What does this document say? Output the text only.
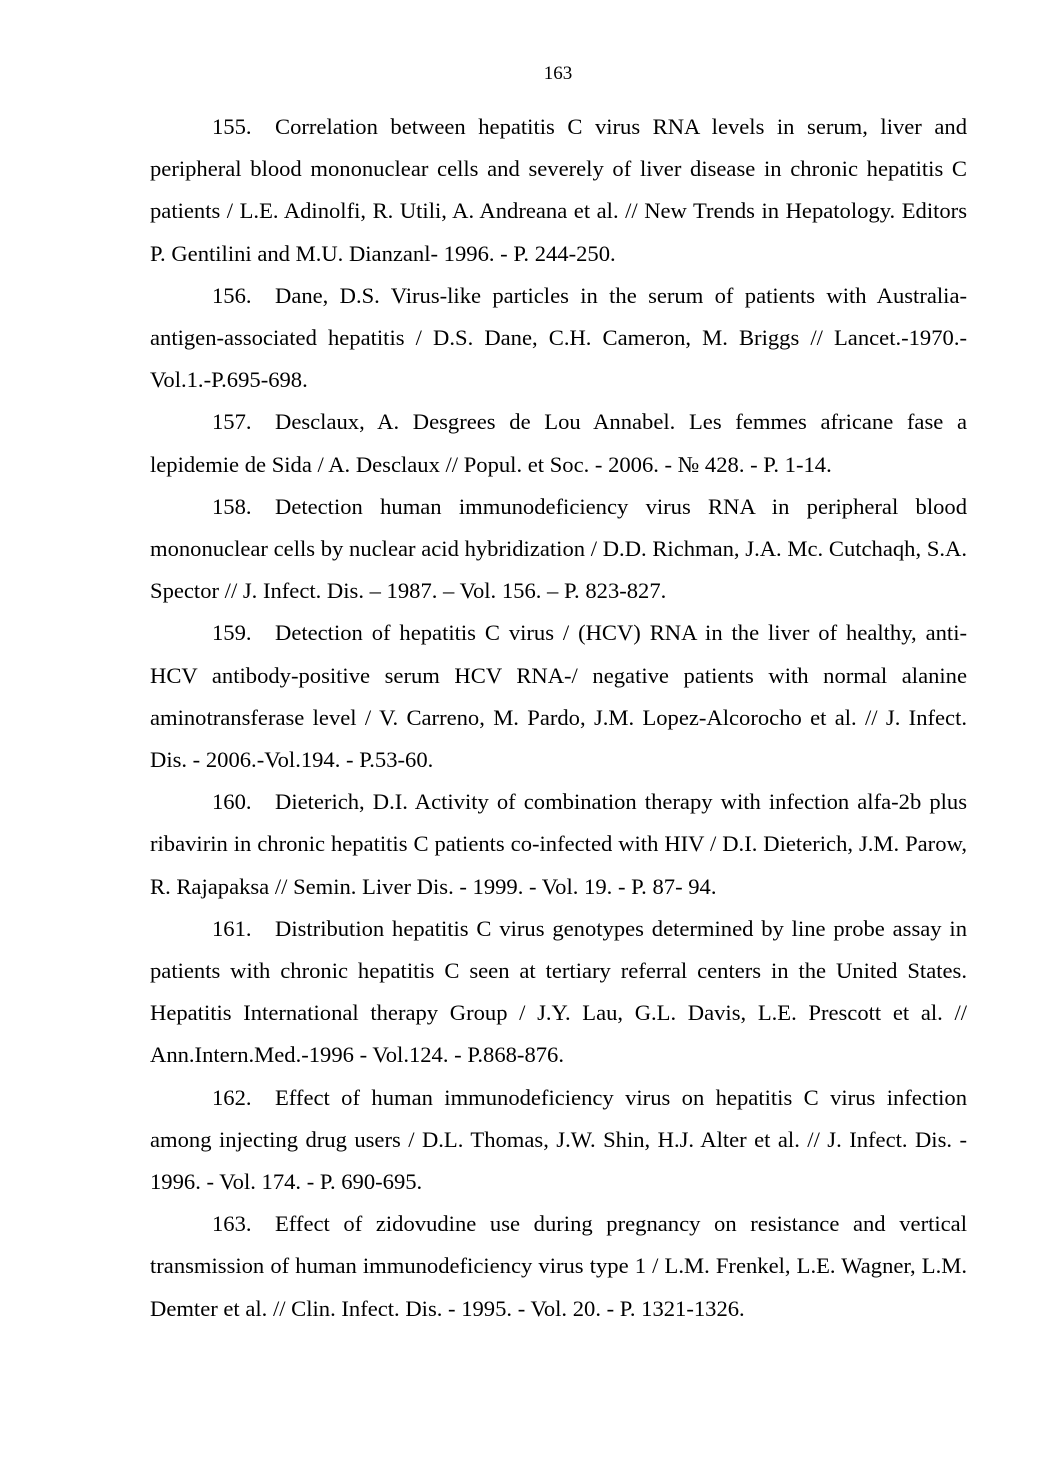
163

155. Correlation between hepatitis C virus RNA levels in serum, liver and peripheral blood mononuclear cells and severely of liver disease in chronic hepatitis C patients / L.E. Adinolfi, R. Utili, A. Andreana et al. // New Trends in Hepatology. Editors P. Gentilini and M.U. Dianzanl- 1996. - P. 244-250.

156. Dane, D.S. Virus-like particles in the serum of patients with Australia-antigen-associated hepatitis / D.S. Dane, C.H. Cameron, M. Briggs // Lancet.-1970.-Vol.1.-P.695-698.

157. Desclaux, A. Desgrees de Lou Annabel. Les femmes africane fase a lepidemie de Sida / A. Desclaux // Popul. et Soc. - 2006. - № 428. - P. 1-14.

158. Detection human immunodeficiency virus RNA in peripheral blood mononuclear cells by nuclear acid hybridization / D.D. Richman, J.A. Mc. Cutchaqh, S.A. Spector // J. Infect. Dis. – 1987. – Vol. 156. – P. 823-827.

159. Detection of hepatitis C virus / (HCV) RNA in the liver of healthy, anti-HCV antibody-positive serum HCV RNA-/ negative patients with normal alanine aminotransferase level / V. Carreno, M. Pardo, J.M. Lopez-Alcorocho et al. // J. Infect. Dis. - 2006.-Vol.194. - P.53-60.

160. Dieterich, D.I. Activity of combination therapy with infection alfa-2b plus ribavirin in chronic hepatitis C patients co-infected with HIV / D.I. Dieterich, J.M. Parow, R. Rajapaksa // Semin. Liver Dis. - 1999. - Vol. 19. - P. 87- 94.

161. Distribution hepatitis C virus genotypes determined by line probe assay in patients with chronic hepatitis C seen at tertiary referral centers in the United States. Hepatitis International therapy Group / J.Y. Lau, G.L. Davis, L.E. Prescott et al. // Ann.Intern.Med.-1996 - Vol.124. - P.868-876.

162. Effect of human immunodeficiency virus on hepatitis C virus infection among injecting drug users / D.L. Thomas, J.W. Shin, H.J. Alter et al. // J. Infect. Dis. - 1996. - Vol. 174. - P. 690-695.

163. Effect of zidovudine use during pregnancy on resistance and vertical transmission of human immunodeficiency virus type 1 / L.M. Frenkel, L.E. Wagner, L.M. Demter et al. // Clin. Infect. Dis. - 1995. - Vol. 20. - P. 1321-1326.
